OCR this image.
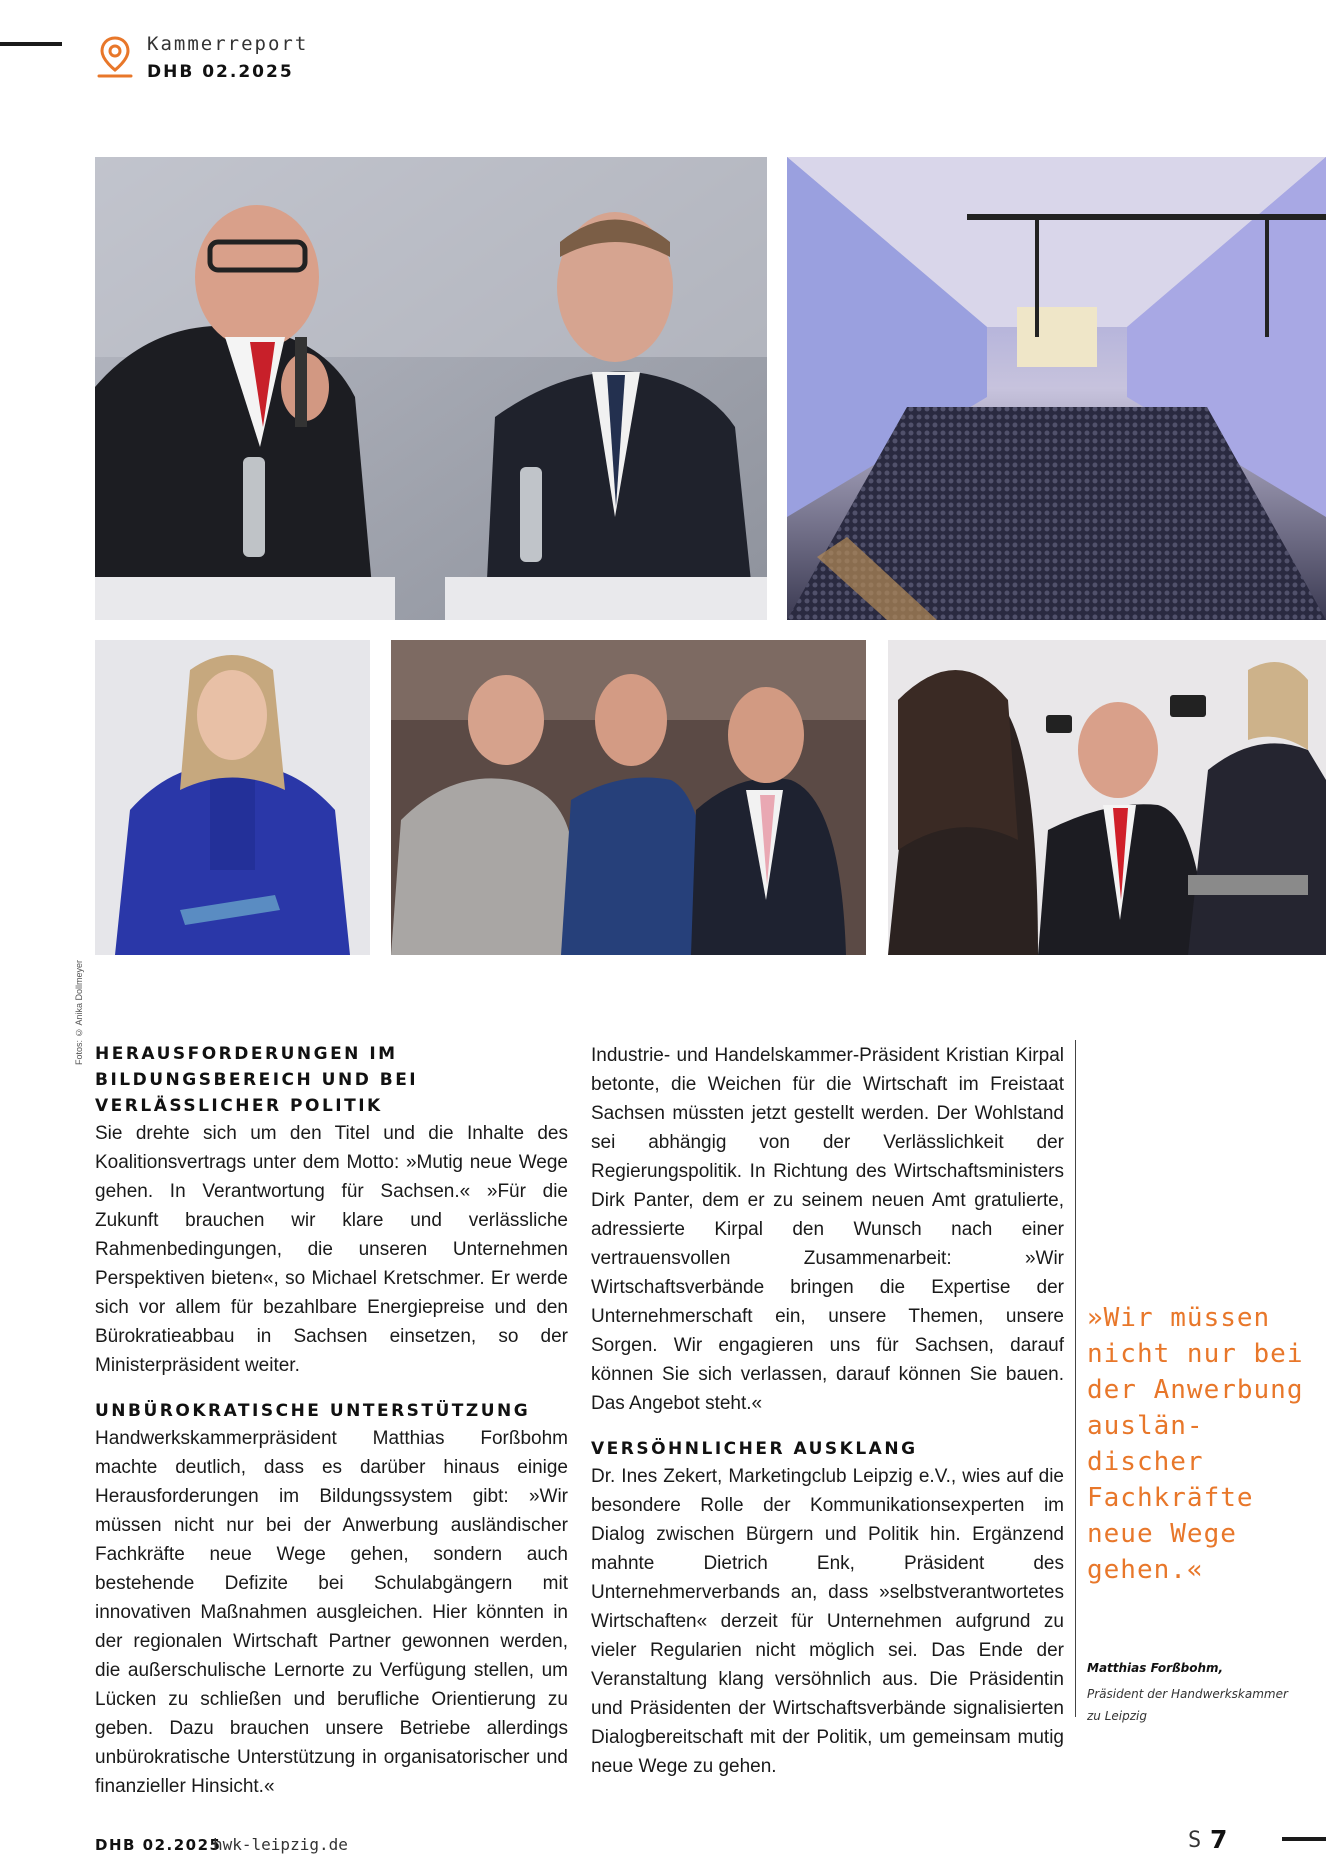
Kammerreport
DHB 02.2025
Fotos: © Anika Dollmeyer HERAUSFORDERUNGEN IM BILDUNGSBEREICH UND BEI VERLÄSSLICHER POLITIK

Sie drehte sich um den Titel und die Inhalte des Koalitionsvertrags unter dem Motto: »Mutig neue Wege gehen. In Verantwortung für Sachsen.« »Für die Zukunft brauchen wir klare und verlässliche Rahmenbedingungen, die unseren Unternehmen Perspektiven bieten«, so Michael Kretschmer. Er werde sich vor allem für bezahlbare Energiepreise und den Bürokratieabbau in Sachsen einsetzen, so der Ministerpräsident weiter.

UNBÜROKRATISCHE UNTERSTÜTZUNG

Handwerkskammerpräsident Matthias Forßbohm machte deutlich, dass es darüber hinaus einige Herausforderungen im Bildungssystem gibt: »Wir müssen nicht nur bei der Anwerbung ausländischer Fachkräfte neue Wege gehen, sondern auch bestehende Defizite bei Schulabgängern mit innovativen Maßnahmen ausgleichen. Hier könnten in der regionalen Wirtschaft Partner gewonnen werden, die außerschulische Lernorte zu Verfügung stellen, um Lücken zu schließen und berufliche Orientierung zu geben. Dazu brauchen unsere Betriebe allerdings unbürokratische Unterstützung in organisatorischer und finanzieller Hinsicht.«

Industrie- und Handelskammer-Präsident Kristian Kirpal betonte, die Weichen für die Wirtschaft im Freistaat Sachsen müssten jetzt gestellt werden. Der Wohlstand sei abhängig von der Verlässlichkeit der Regierungspolitik. In Richtung des Wirtschaftsministers Dirk Panter, dem er zu seinem neuen Amt gratulierte, adressierte Kirpal den Wunsch nach einer vertrauensvollen Zusammenarbeit: »Wir Wirtschaftsverbände bringen die Expertise der Unternehmerschaft ein, unsere Themen, unsere Sorgen. Wir engagieren uns für Sachsen, darauf können Sie sich verlassen, darauf können Sie bauen. Das Angebot steht.«

VERSÖHNLICHER AUSKLANG

Dr. Ines Zekert, Marketingclub Leipzig e.V., wies auf die besondere Rolle der Kommunikationsexperten im Dialog zwischen Bürgern und Politik hin. Ergänzend mahnte Dietrich Enk, Präsident des Unternehmerverbands an, dass »selbstverantwortetes Wirtschaften« derzeit für Unternehmen aufgrund zu vieler Regularien nicht möglich sei. Das Ende der Veranstaltung klang versöhnlich aus. Die Präsidentin und Präsidenten der Wirtschaftsverbände signalisierten Dialogbereitschaft mit der Politik, um gemeinsam mutig neue Wege zu gehen.

»Wir müssen nicht nur bei der Anwerbung auslän-discher Fachkräfte neue Wege gehen.«
Matthias Forßbohm,
Präsident der Handwerkskammer zu Leipzig
DHB 02.2025
hwk-leipzig.de	S 7
